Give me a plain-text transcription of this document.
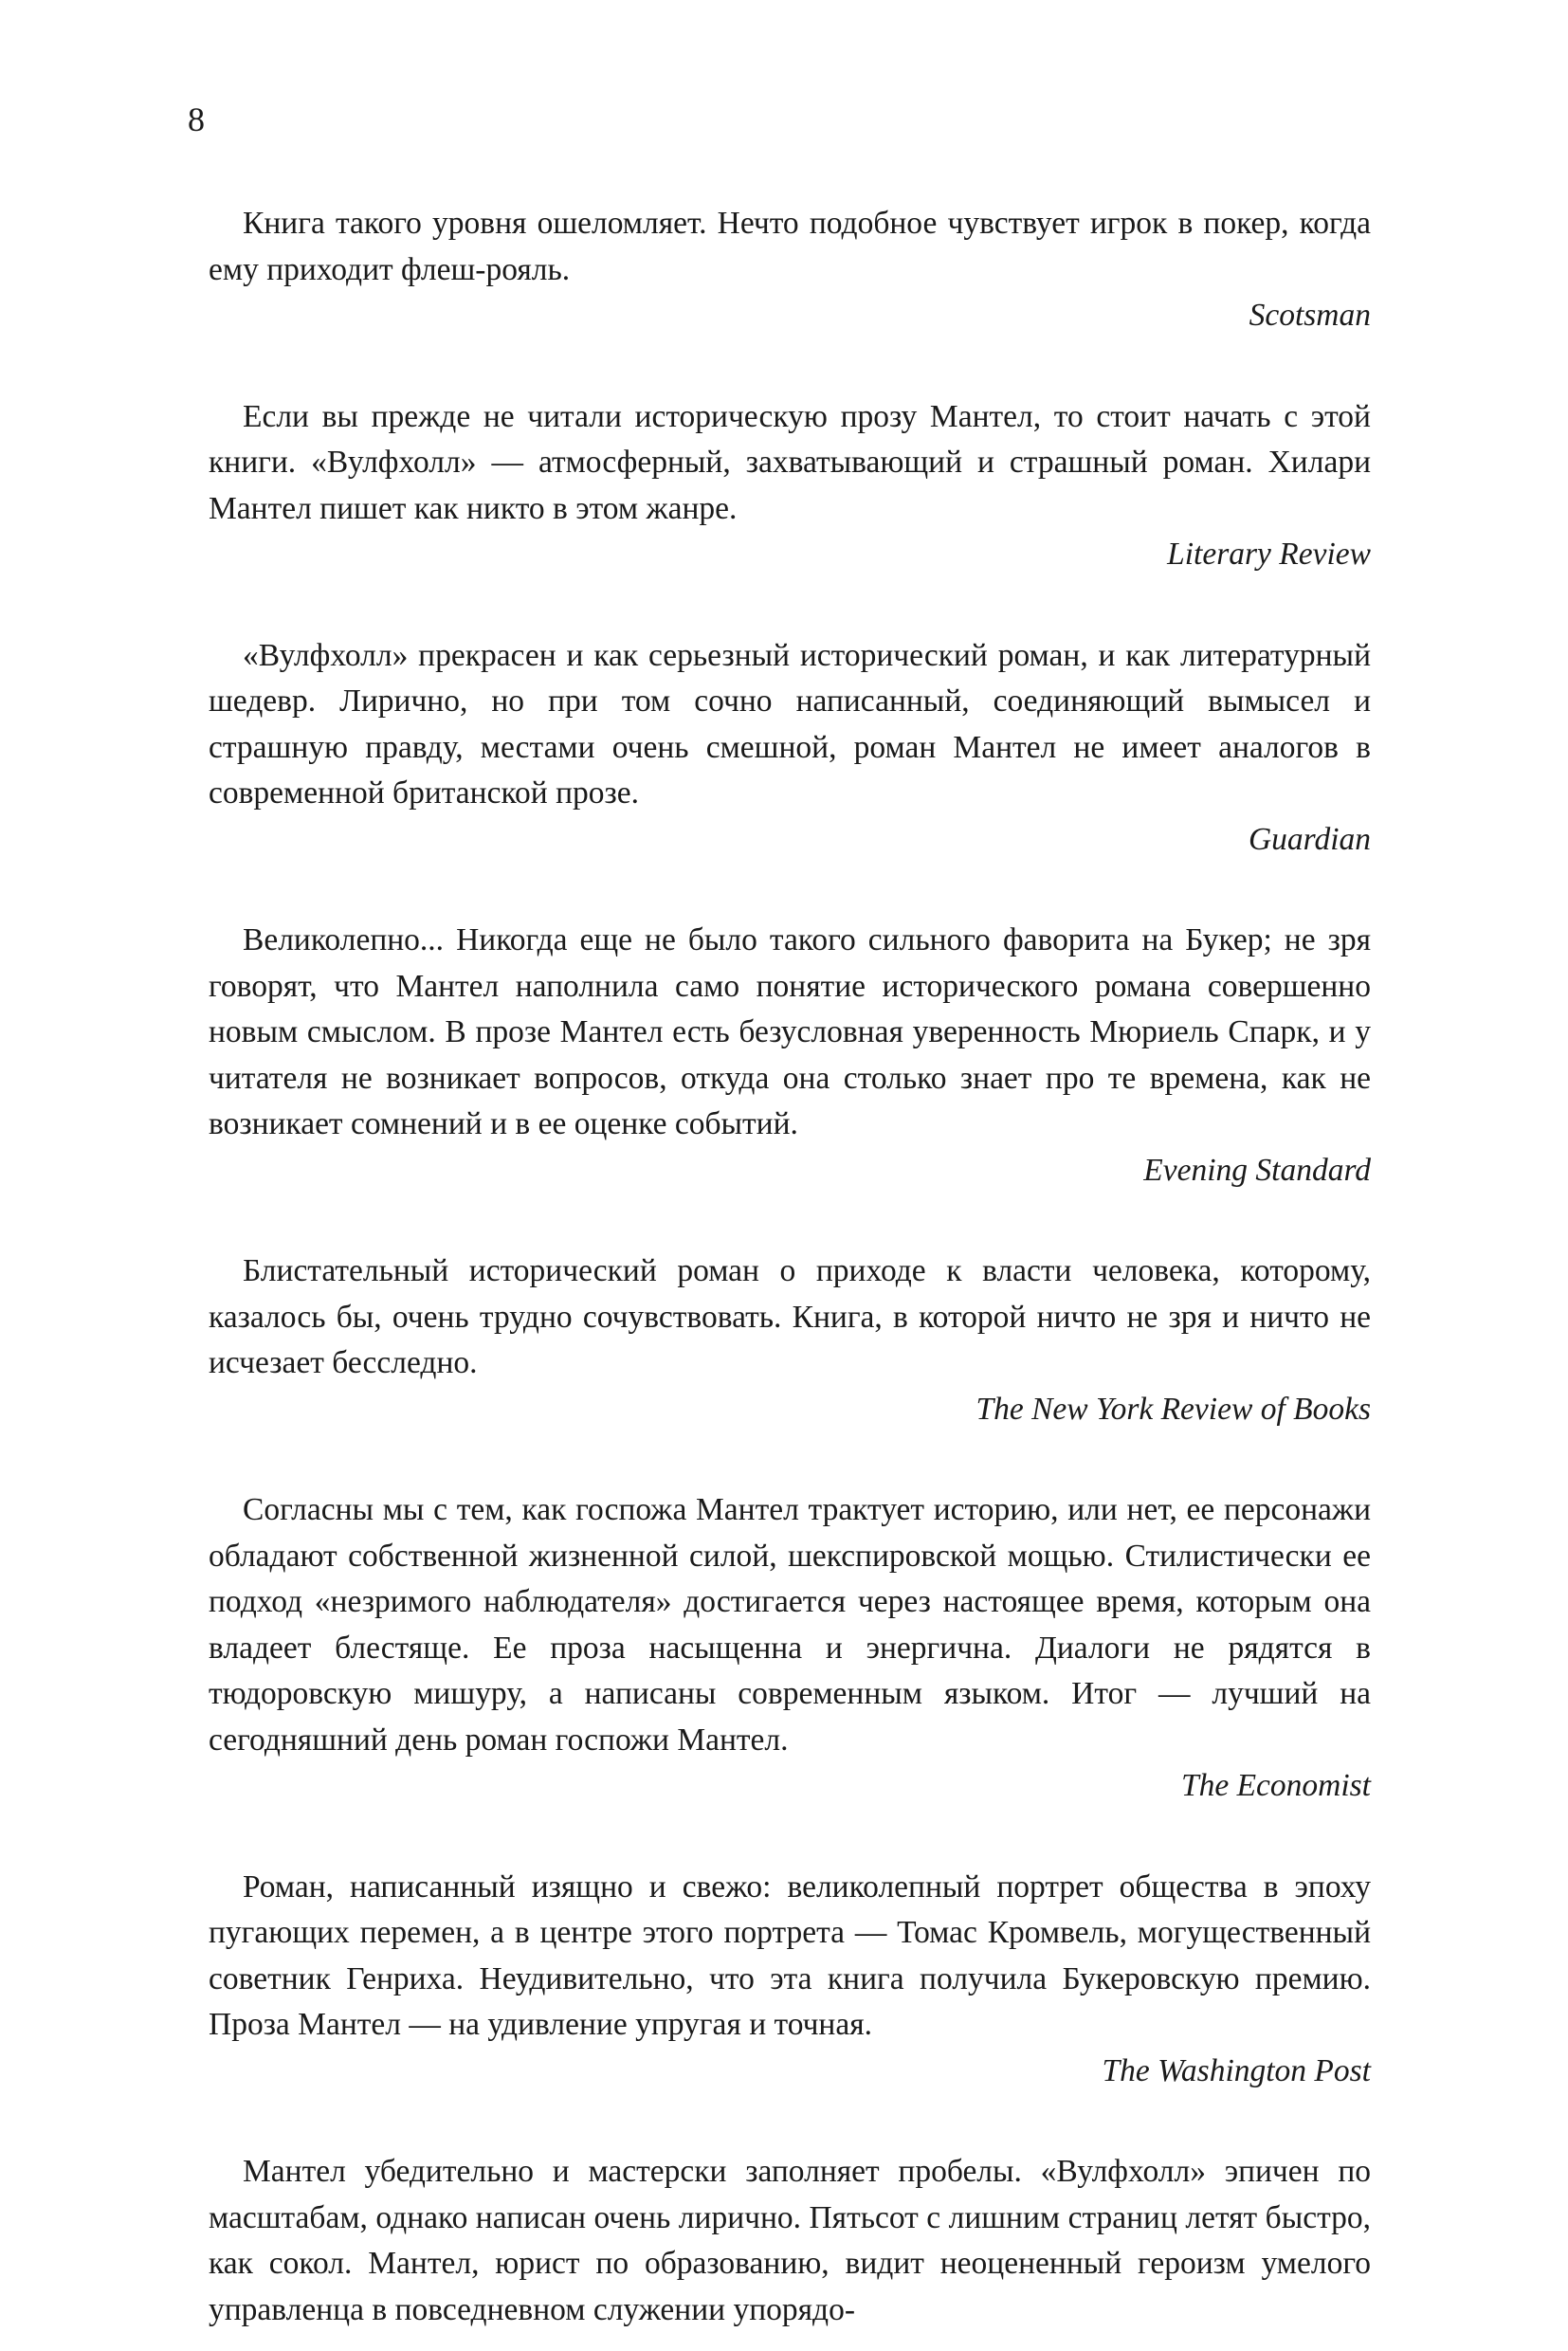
8

Книга такого уровня ошеломляет. Нечто подобное чувствует игрок в покер, когда ему приходит флеш-рояль.

Scotsman

Если вы прежде не читали историческую прозу Мантел, то стоит начать с этой книги. «Вулфхолл» — атмосферный, захватывающий и страшный роман. Хилари Мантел пишет как никто в этом жанре.

Literary Review

«Вулфхолл» прекрасен и как серьезный исторический роман, и как литературный шедевр. Лирично, но при том сочно написанный, соединяющий вымысел и страшную правду, местами очень смешной, роман Мантел не имеет аналогов в современной британской прозе.

Guardian

Великолепно... Никогда еще не было такого сильного фаворита на Букер; не зря говорят, что Мантел наполнила само понятие исторического романа совершенно новым смыслом. В прозе Мантел есть безусловная уверенность Мюриель Спарк, и у читателя не возникает вопросов, откуда она столько знает про те времена, как не возникает сомнений и в ее оценке событий.

Evening Standard

Блистательный исторический роман о приходе к власти человека, которому, казалось бы, очень трудно сочувствовать. Книга, в которой ничто не зря и ничто не исчезает бесследно.

The New York Review of Books

Согласны мы с тем, как госпожа Мантел трактует историю, или нет, ее персонажи обладают собственной жизненной силой, шекспировской мощью. Стилистически ее подход «незримого наблюдателя» достигается через настоящее время, которым она владеет блестяще. Ее проза насыщенна и энергична. Диалоги не рядятся в тюдоровскую мишуру, а написаны современным языком. Итог — лучший на сегодняшний день роман госпожи Мантел.

The Economist

Роман, написанный изящно и свежо: великолепный портрет общества в эпоху пугающих перемен, а в центре этого портрета — Томас Кромвель, могущественный советник Генриха. Неудивительно, что эта книга получила Букеровскую премию. Проза Мантел — на удивление упругая и точная.

The Washington Post

Мантел убедительно и мастерски заполняет пробелы. «Вулфхолл» эпичен по масштабам, однако написан очень лирично. Пятьсот с лишним страниц летят быстро, как сокол. Мантел, юрист по образованию, видит неоцененный героизм умелого управленца в повседневном служении упорядо-
